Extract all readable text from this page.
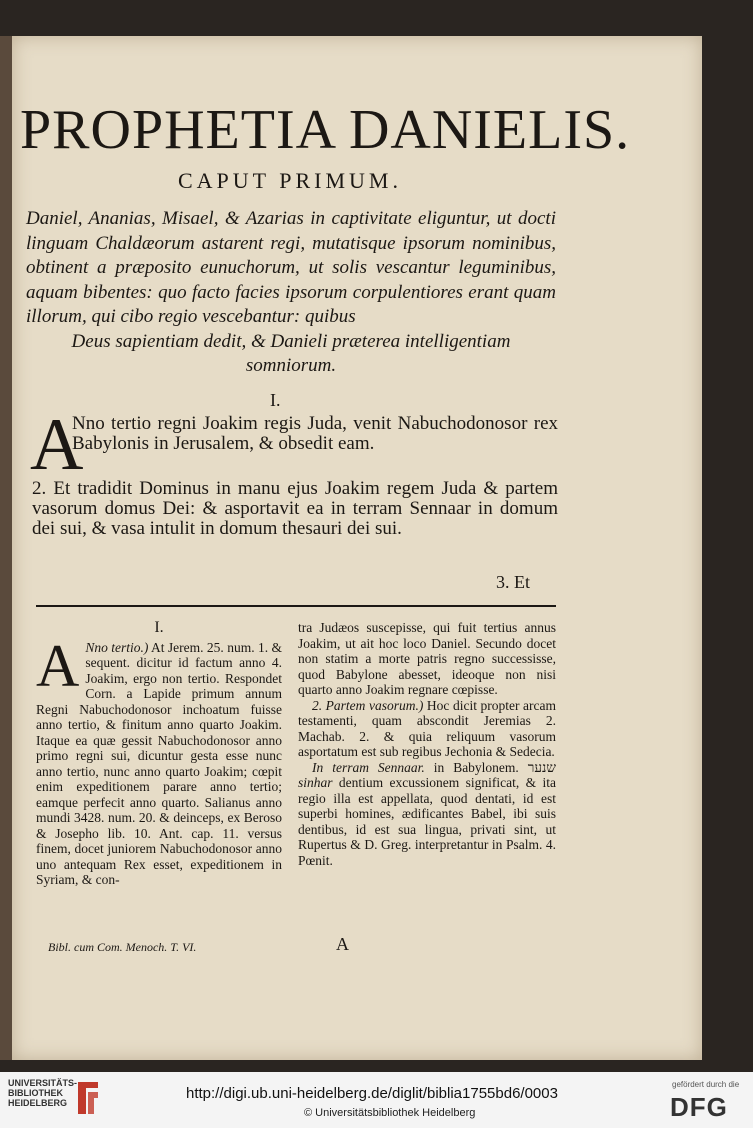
PROPHETIA DANIELIS.
CAPUT PRIMUM.
Daniel, Ananias, Misael, & Azarias in captivitate eliguntur, ut docti linguam Chaldæorum astarent regi, mutatisque ipsorum nominibus, obtinent a præposito eunuchorum, ut solis vescantur leguminibus, aquam bibentes: quo facto facies ipsorum corpulentiores erant quam illorum, qui cibo regio vescebantur: quibus
Deus sapientiam dedit, & Danieli præterea intelligentiam somniorum.
I.
A
Nno tertio regni Joakim regis Juda, venit Nabuchodonosor rex Babylonis in Jerusalem, & obsedit eam.
2. Et tradidit Dominus in manu ejus Joakim regem Juda & partem vasorum domus Dei: & asportavit ea in terram Sennaar in domum dei sui, & vasa intulit in domum thesauri dei sui.
3. Et
I.
A Nno tertio.) At Jerem. 25. num. 1. & sequent. dicitur id factum anno 4. Joakim, ergo non tertio. Respondet Corn. a Lapide primum annum Regni Nabuchodonosor inchoatum fuisse anno tertio, & finitum anno quarto Joakim. Itaque ea quæ gessit Nabuchodonosor anno primo regni sui, dicuntur gesta esse nunc anno tertio, nunc anno quarto Joakim; cœpit enim expeditionem parare anno tertio; eamque perfecit anno quarto. Salianus anno mundi 3428. num. 20. & deinceps, ex Beroso & Josepho lib. 10. Ant. cap. 11. versus finem, docet juniorem Nabuchodonosor anno uno antequam Rex esset, expeditionem in Syriam, & con-
tra Judæos suscepisse, qui fuit tertius annus Joakim, ut ait hoc loco Daniel. Secundo docet non statim a morte patris regno successisse, quod Babylone abesset, ideoque non nisi quarto anno Joakim regnare cœpisse.
2. Partem vasorum.) Hoc dicit propter arcam testamenti, quam abscondit Jeremias 2. Machab. 2. & quia reliquum vasorum asportatum est sub regibus Jechonia & Sedecia.
In terram Sennaar. in Babylonem. שנער sinhar dentium excussionem significat, & ita regio illa est appellata, quod dentati, id est superbi homines, ædificantes Babel, ibi suis dentibus, id est sua lingua, privati sint, ut Rupertus & D. Greg. interpretantur in Psalm. 4. Pœnit.
Bibl. cum Com. Menoch. T. VI.	A
UNIVERSITÄTS-
BIBLIOTHEK
HEIDELBERG
http://digi.ub.uni-heidelberg.de/diglit/biblia1755bd6/0003
© Universitätsbibliothek Heidelberg
gefördert durch die
DFG
